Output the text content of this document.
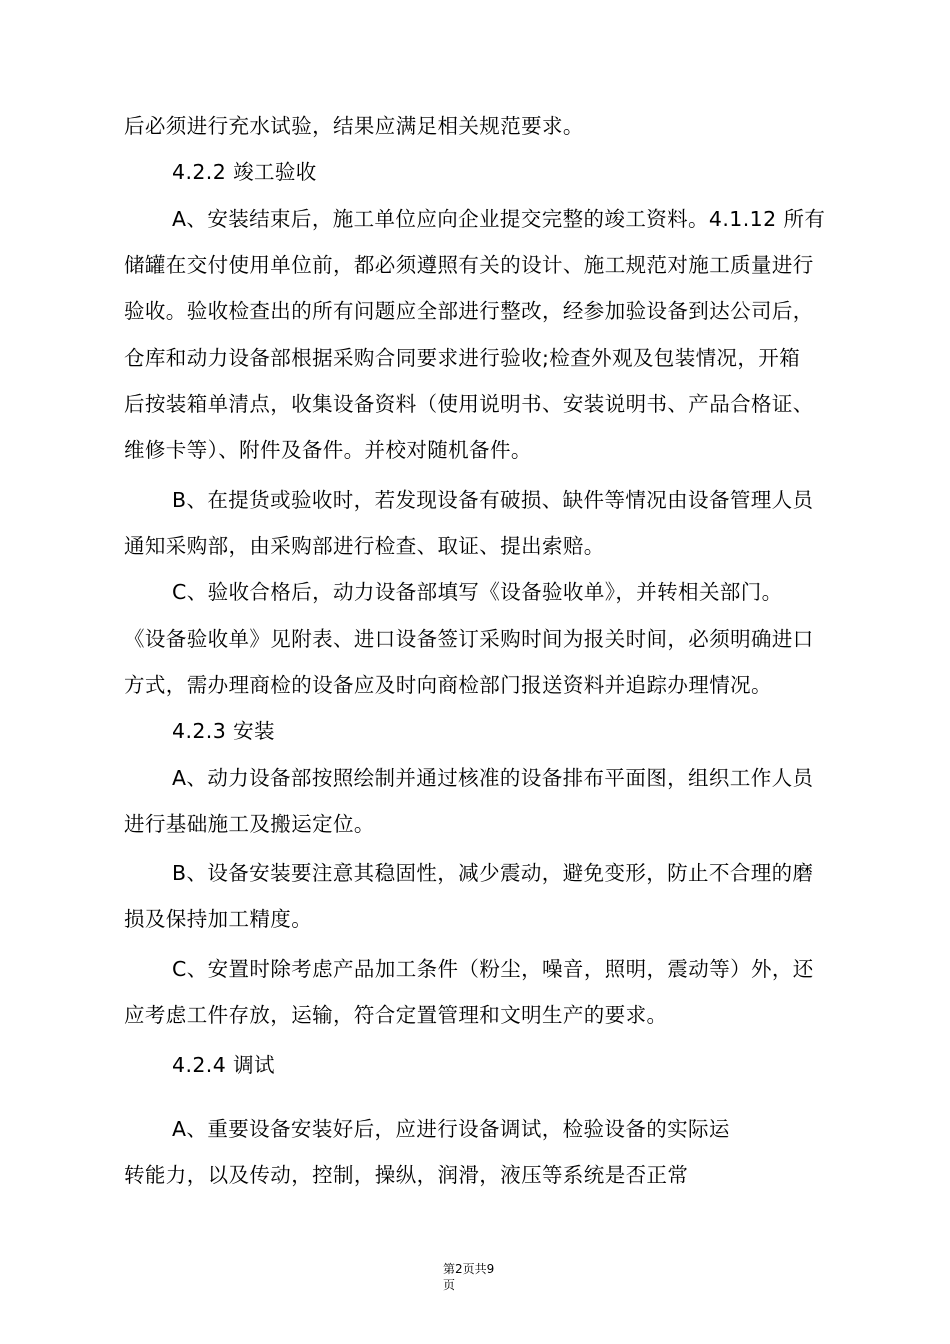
后必须进行充水试验，结果应满足相关规范要求。
4.2.2 竣工验收
A、安装结束后，施工单位应向企业提交完整的竣工资料。4.1.12 所有
储罐在交付使用单位前，都必须遵照有关的设计、施工规范对施工质量进行
验收。验收检查出的所有问题应全部进行整改，经参加验设备到达公司后，
仓库和动力设备部根据采购合同要求进行验收;检查外观及包装情况，开箱
后按装箱单清点，收集设备资料（使用说明书、安装说明书、产品合格证、
维修卡等）、附件及备件。并校对随机备件。
B、在提货或验收时，若发现设备有破损、缺件等情况由设备管理人员
通知采购部，由采购部进行检查、取证、提出索赔。
C、验收合格后，动力设备部填写《设备验收单》，并转相关部门。
《设备验收单》见附表、进口设备签订采购时间为报关时间，必须明确进口
方式，需办理商检的设备应及时向商检部门报送资料并追踪办理情况。
4.2.3 安装
A、动力设备部按照绘制并通过核准的设备排布平面图，组织工作人员
进行基础施工及搬运定位。
B、设备安装要注意其稳固性，减少震动，避免变形，防止不合理的磨
损及保持加工精度。
C、安置时除考虑产品加工条件（粉尘，噪音，照明，震动等）外，还
应考虑工件存放，运输，符合定置管理和文明生产的要求。
4.2.4 调试
A、重要设备安装好后，应进行设备调试，检验设备的实际运
转能力，以及传动，控制，操纵，润滑，液压等系统是否正常
第2页共9
页
